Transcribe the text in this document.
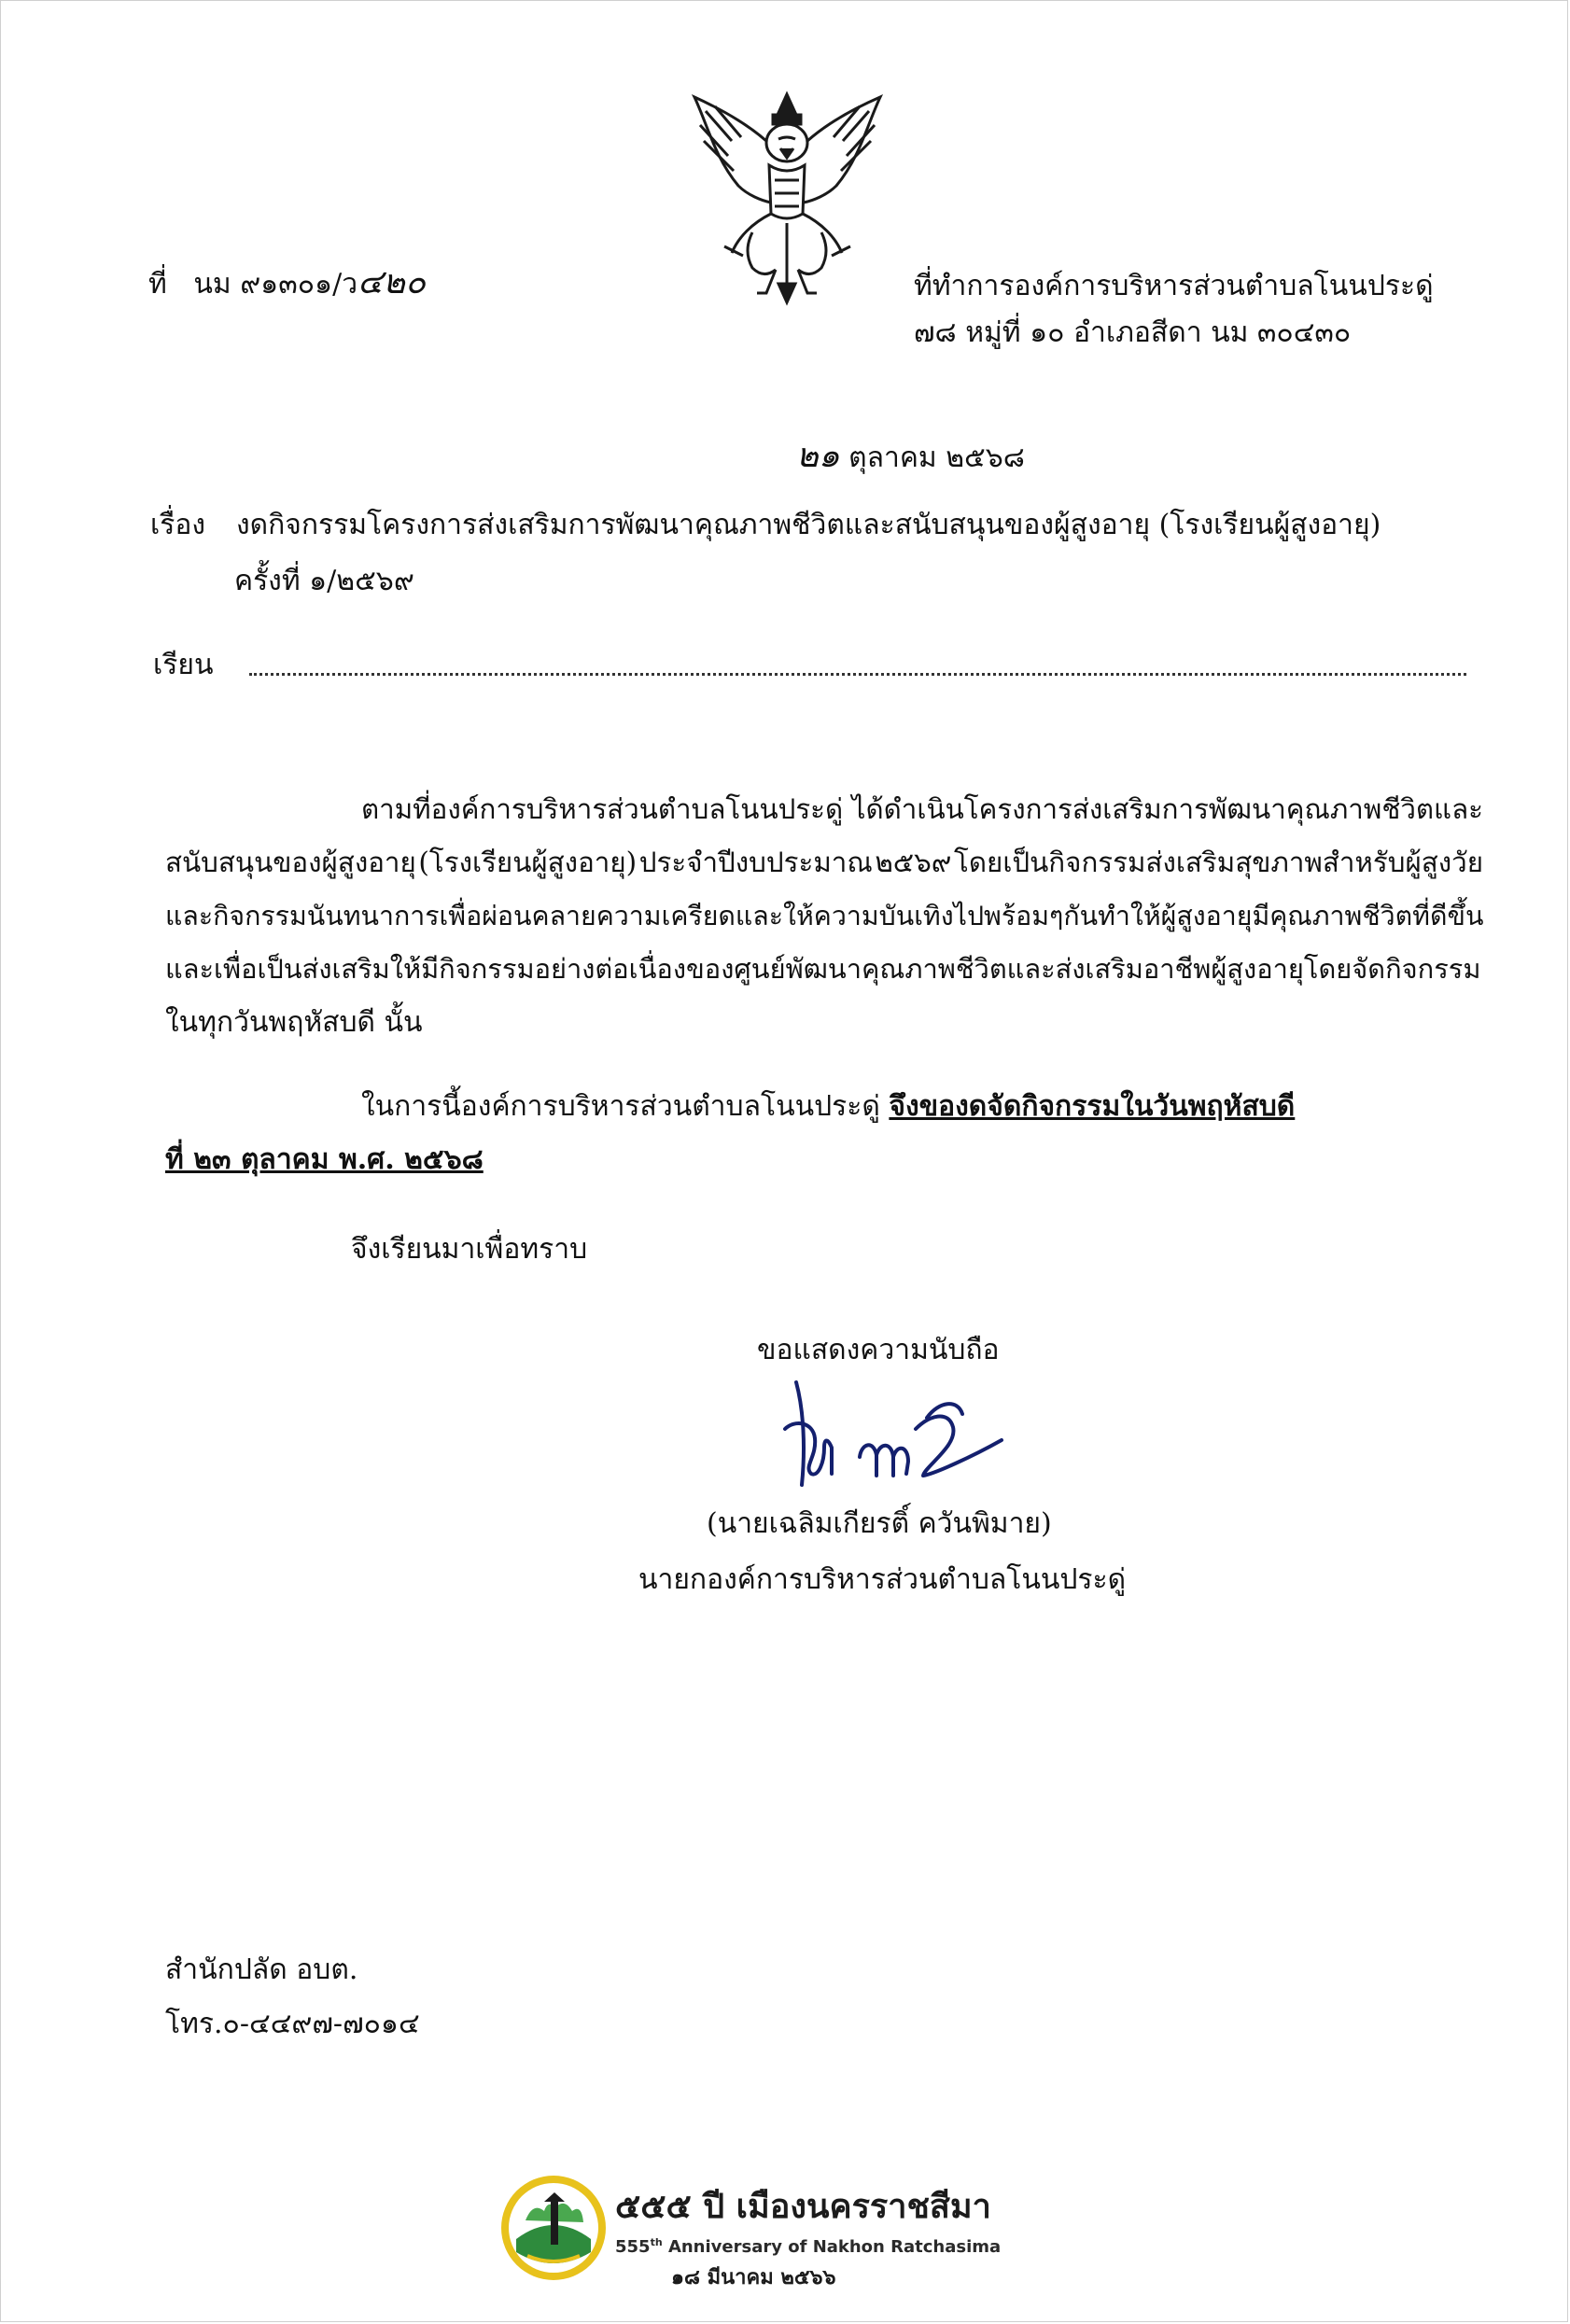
ที่ นม ๙๑๓๐๑/ว๔๒๐	ที่ทำการองค์การบริหารส่วนตำบลโนนประดู่
๗๘ หมู่ที่ ๑๐ อำเภอสีดา นม ๓๐๔๓๐
๒๑ ตุลาคม ๒๕๖๘
เรื่อง งดกิจกรรมโครงการส่งเสริมการพัฒนาคุณภาพชีวิตและสนับสนุนของผู้สูงอายุ (โรงเรียนผู้สูงอายุ)
ครั้งที่ ๑/๒๕๖๙
เรียน
ตามที่องค์การบริหารส่วนตำบลโนนประดู่ ได้ดำเนินโครงการส่งเสริมการพัฒนาคุณภาพชีวิตและ
สนับสนุนของผู้สูงอายุ (โรงเรียนผู้สูงอายุ) ประจำปีงบประมาณ ๒๕๖๙ โดยเป็นกิจกรรมส่งเสริมสุขภาพสำหรับผู้สูงวัย
และกิจกรรมนันทนาการเพื่อผ่อนคลายความเครียดและให้ความบันเทิงไปพร้อมๆ กัน ทำให้ผู้สูงอายุมีคุณภาพชีวิตที่ดีขึ้น
และเพื่อเป็นส่งเสริมให้มีกิจกรรมอย่างต่อเนื่องของศูนย์พัฒนาคุณภาพชีวิตและส่งเสริมอาชีพผู้สูงอายุโดยจัดกิจกรรม
ในทุกวันพฤหัสบดี นั้น
ในการนี้องค์การบริหารส่วนตำบลโนนประดู่ จึงของดจัดกิจกรรมในวันพฤหัสบดี
ที่ ๒๓ ตุลาคม พ.ศ. ๒๕๖๘
จึงเรียนมาเพื่อทราบ
ขอแสดงความนับถือ
(นายเฉลิมเกียรติ์ ควันพิมาย)
นายกองค์การบริหารส่วนตำบลโนนประดู่
สำนักปลัด อบต.
โทร.๐-๔๔๙๗-๗๐๑๔
๕๕๕ ปี เมืองนครราชสีมา
555th Anniversary of Nakhon Ratchasima
๑๘ มีนาคม ๒๕๖๖
